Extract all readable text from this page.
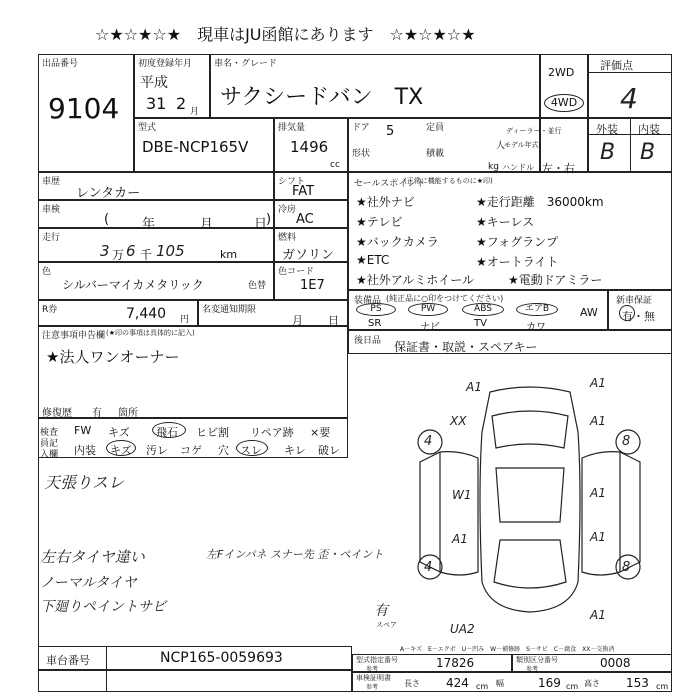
☆★☆★☆★　現車はJU函館にあります　☆★☆★☆★
出品番号
9104
初度登録年月
平成
31 2 月
車名・グレード
サクシードバン　TX
2WD
4WD
評価点
4
型式
DBE-NCP165V
排気量
1496
cc
ドア 5	定員
人
ディーラー・並行
形状	積載
モデル年式
kg ハンドル 左・右
外装 内装
B B
車歴
レンタカー
シフト
FAT
車検
(	年	月	日
)
冷房
AC
走行
3 万 6 千 105	km
燃料
ガソリン
色
シルバーマイカメタリック	色替
色コード
1E7
R券	7,440 円
名変通知期限
月 日
注意事項申告欄 (★印の事項は具体的に記入)
★法人ワンオーナー
修復歴 有 箇所
セールスポイント
(正常に機能するものに★印)
★社外ナビ	★走行距離　36000km
★テレビ	★キーレス
★バックカメラ	★フォグランプ
★ETC	★オートライト
★社外アルミホイール	★電動ドアミラー
装備品 (純正品に○印をつけてください)
PS
SR
PW
ナビ
ABS
TV
エアB
カワ
AW
新車保証
有・無
後日品 保証書・取説・スペアキー
検査員記入欄
FW キズ 飛石 ヒビ割 リペア跡 ×要
内装 キズ 汚レ コゲ 穴 スレ キレ 破レ
天張りスレ
左右タイヤ違い
ノーマルタイヤ
下廻りペイントサビ
左Fインパネ スナー先 歪・ペイント
A1	A1
XX	A1
W1
A1
A1
A1
A1
4	8
4	8
UA2
有
スペア
A－キズ　E－エクボ　U－凹み　W－補修跡　S－サビ　C－腐食　XX－交換済
車台番号	NCP165-0059693	型式指定番号
参考	17826	類別区分番号
参考	0008
車検証明書
参考	長さ 424 cm 幅	169 cm 高さ 153 cm
